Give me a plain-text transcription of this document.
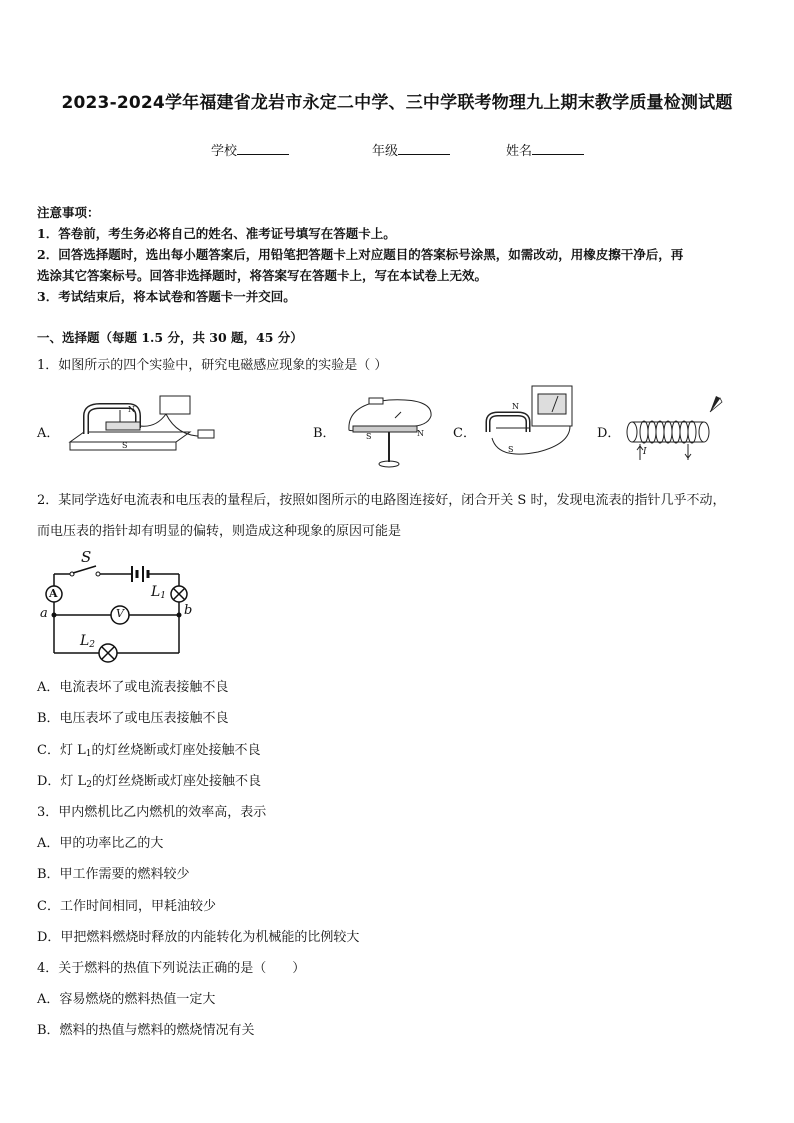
2023-2024学年福建省龙岩市永定二中学、三中学联考物理九上期末教学质量检测试题
学校	年级	姓名
注意事项：
1．答卷前，考生务必将自己的姓名、准考证号填写在答题卡上。
2．回答选择题时，选出每小题答案后，用铅笔把答题卡上对应题目的答案标号涂黑，如需改动，用橡皮擦干净后，再
选涂其它答案标号。回答非选择题时，将答案写在答题卡上，写在本试卷上无效。
3．考试结束后，将本试卷和答题卡一并交回。
一、选择题（每题 1.5 分，共 30 题，45 分）
1．如图所示的四个实验中，研究电磁感应现象的实验是（ ）
A．	B．	C．	D．
N
S
S	N
N
S	I
2．某同学选好电流表和电压表的量程后，按照如图所示的电路图连接好，闭合开关 S 时，发现电流表的指针几乎不动，
而电压表的指针却有明显的偏转，则造成这种现象的原因可能是
S
A
V
$L_1$
$L_2$
a	b
A．电流表坏了或电流表接触不良
B．电压表坏了或电压表接触不良
C．灯 $L_1$的灯丝烧断或灯座处接触不良
D．灯 $L_2$的灯丝烧断或灯座处接触不良
3．甲内燃机比乙内燃机的效率高，表示
A．甲的功率比乙的大
B．甲工作需要的燃料较少
C．工作时间相同，甲耗油较少
D．甲把燃料燃烧时释放的内能转化为机械能的比例较大
4．关于燃料的热值下列说法正确的是（　　）
A．容易燃烧的燃料热值一定大
B．燃料的热值与燃料的燃烧情况有关
